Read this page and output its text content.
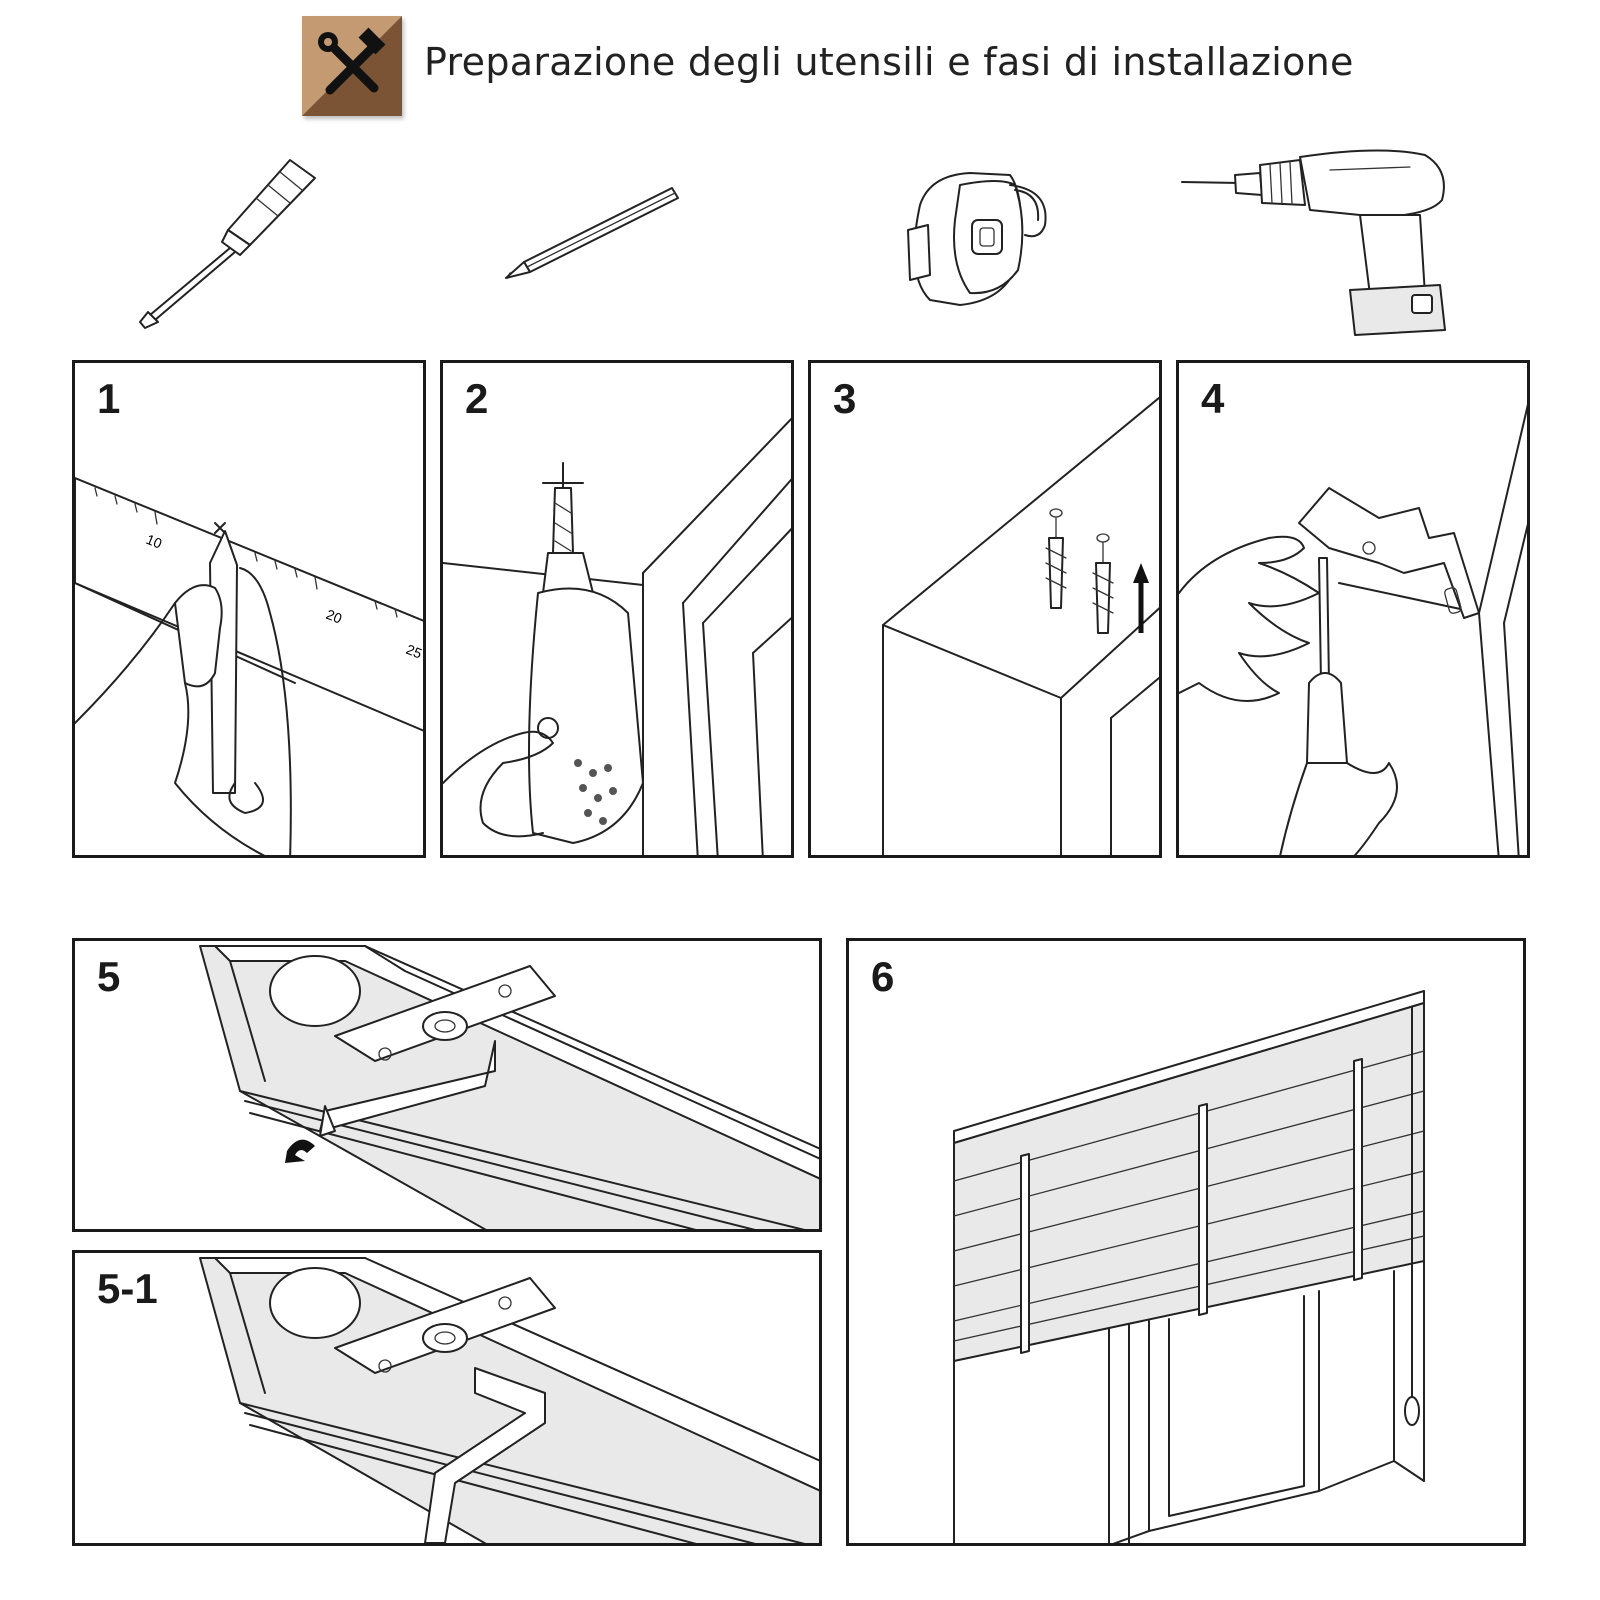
Preparazione degli utensili e fasi di installazione
1
10
20
25
2	3	4
5
5-1
6
